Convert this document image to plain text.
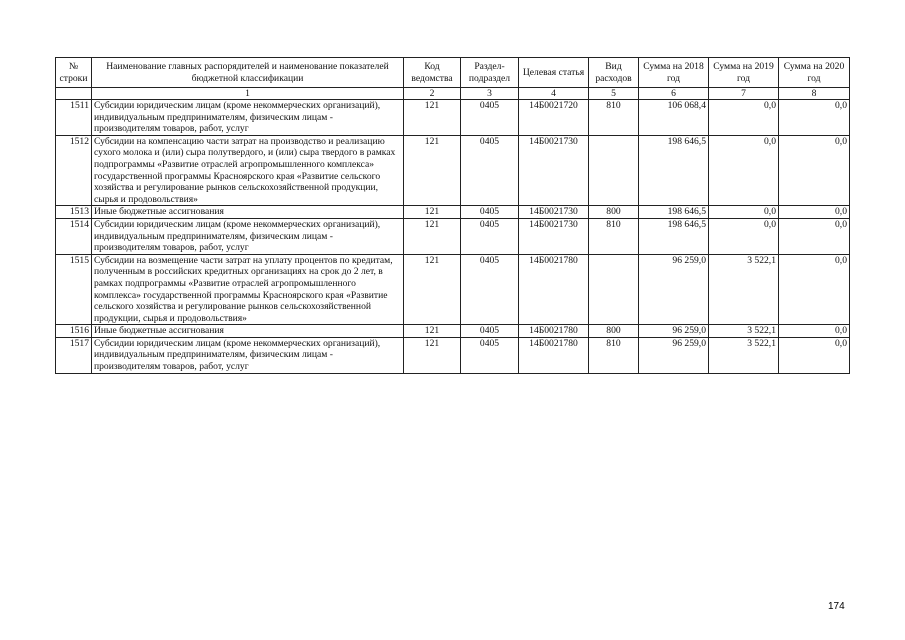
№ строки	Наименование главных распорядителей и наименование показателей бюджетной классификации	Код ведомства	Раздел-подраздел	Целевая статья	Вид расходов	Сумма на 2018 год	Сумма на 2019 год	Сумма на 2020 год
	1	2	3	4	5	6	7	8
1511	Субсидии юридическим лицам (кроме некоммерческих организаций), индивидуальным предпринимателям, физическим лицам - производителям товаров, работ, услуг	121	0405	14Б0021720	810	106 068,4	0,0	0,0
1512	Субсидии на компенсацию части затрат на производство и реализацию сухого молока и (или) сыра полутвердого, и (или) сыра твердого в рамках подпрограммы «Развитие отраслей агропромышленного комплекса» государственной программы Красноярского края «Развитие сельского хозяйства и регулирование рынков сельскохозяйственной продукции, сырья и продовольствия»	121	0405	14Б0021730		198 646,5	0,0	0,0
1513	Иные бюджетные ассигнования	121	0405	14Б0021730	800	198 646,5	0,0	0,0
1514	Субсидии юридическим лицам (кроме некоммерческих организаций), индивидуальным предпринимателям, физическим лицам - производителям товаров, работ, услуг	121	0405	14Б0021730	810	198 646,5	0,0	0,0
1515	Субсидии на возмещение части затрат на уплату процентов по кредитам, полученным в российских кредитных организациях на срок до 2 лет, в рамках подпрограммы «Развитие отраслей агропромышленного комплекса» государственной программы Красноярского края «Развитие сельского хозяйства и регулирование рынков сельскохозяйственной продукции, сырья и продовольствия»	121	0405	14Б0021780		96 259,0	3 522,1	0,0
1516	Иные бюджетные ассигнования	121	0405	14Б0021780	800	96 259,0	3 522,1	0,0
1517	Субсидии юридическим лицам (кроме некоммерческих организаций), индивидуальным предпринимателям, физическим лицам - производителям товаров, работ, услуг	121	0405	14Б0021780	810	96 259,0	3 522,1	0,0
174
